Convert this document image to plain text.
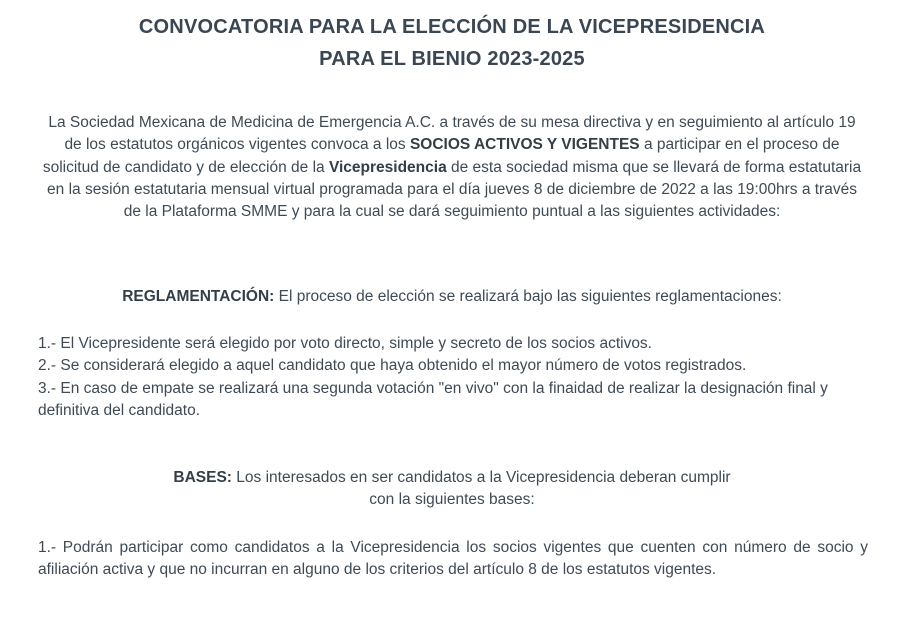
CONVOCATORIA PARA LA ELECCIÓN DE LA VICEPRESIDENCIA
PARA EL BIENIO 2023-2025
La Sociedad Mexicana de Medicina de Emergencia A.C. a través de su mesa directiva y en seguimiento al artículo 19 de los estatutos orgánicos vigentes convoca a los SOCIOS ACTIVOS Y VIGENTES a participar en el proceso de solicitud de candidato y de elección de la Vicepresidencia de esta sociedad misma que se llevará de forma estatutaria en la sesión estatutaria mensual virtual programada para el día jueves 8 de diciembre de 2022 a las 19:00hrs a través de la Plataforma SMME y para la cual se dará seguimiento puntual a las siguientes actividades:
REGLAMENTACIÓN: El proceso de elección se realizará bajo las siguientes reglamentaciones:
1.- El Vicepresidente será elegido por voto directo, simple y secreto de los socios activos.
2.- Se considerará elegido a aquel candidato que haya obtenido el mayor número de votos registrados.
3.- En caso de empate se realizará una segunda votación "en vivo" con la finaidad de realizar la designación final y definitiva del candidato.
BASES: Los interesados en ser candidatos a la Vicepresidencia deberan cumplir
con la siguientes bases:
1.- Podrán participar como candidatos a la Vicepresidencia los socios vigentes que cuenten con número de socio y afiliación activa y que no incurran en alguno de los criterios del artículo 8 de los estatutos vigentes.
